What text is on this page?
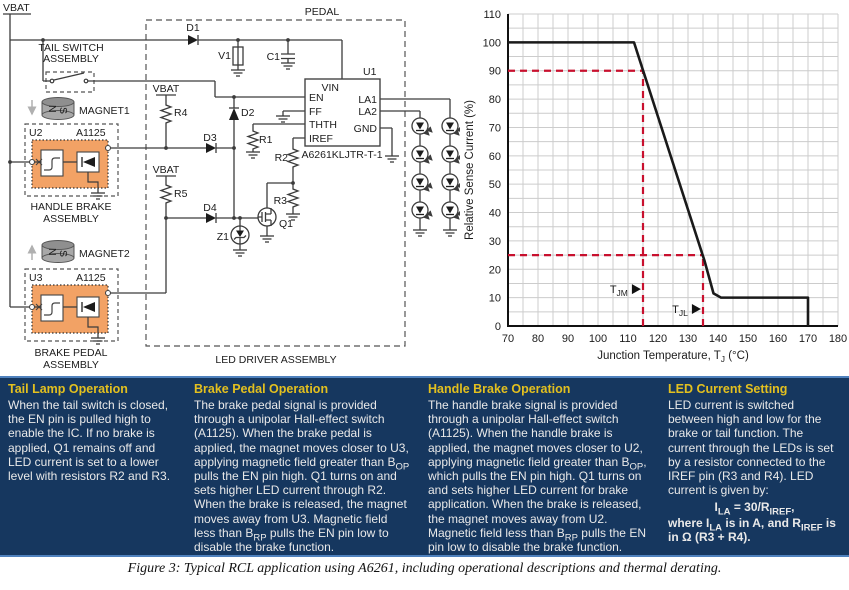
N S
N S
VBAT
TAIL SWITCH
ASSEMBLY
MAGNET1
U2	A1125
HANDLE BRAKE
ASSEMBLY
MAGNET2
U3	A1125
BRAKE PEDAL
ASSEMBLY
PEDAL
LED DRIVER ASSEMBLY
D1
V1	C1
U1
VIN
EN
FF
THTH
IREF
LA1
LA2
GND
A6261KLJTR-T-1
VBAT
R4
VBAT
R5
D2
D3
D4
R1
R2
R3
Q1
Z1
70 80 90 100 110 120 130 140 150 160 170 180
0
10
20
30
40
50
60
70
80
90
100
110
$T_{JM}$
$T_{JL}$
Junction Temperature, $T_J$ (°C)
Relative Sense Current (%)
Tail Lamp Operation
When the tail switch is closed, the EN pin is pulled high to enable the IC. If no brake is applied, Q1 remains off and LED current is set to a lower level with resistors R2 and R3.
Brake Pedal Operation
The brake pedal signal is provided through a unipolar Hall-effect switch (A1125). When the brake pedal is applied, the magnet moves closer to U3, applying magnetic field greater than $B_{OP}$ pulls the EN pin high. Q1 turns on and sets higher LED current through R2. When the brake is released, the magnet moves away from U3. Magnetic field less than $B_{RP}$ pulls the EN pin low to disable the brake function.
Handle Brake Operation
The handle brake signal is provided through a unipolar Hall-effect switch (A1125). When the handle brake is applied, the magnet moves closer to U2, applying magnetic field greater than $B_{OP}$, which pulls the EN pin high. Q1 turns on and sets higher LED current for brake application. When the brake is released, the magnet moves away from U2. Magnetic field less than $B_{RP}$ pulls the EN pin low to disable the brake function.
LED Current Setting
LED current is switched between high and low for the brake or tail function. The current through the LEDs is set by a resistor connected to the IREF pin (R3 and R4). LED current is given by:
$I_{LA} = 30/R_{IREF}$,
where $I_{LA}$ is in A, and $R_{IREF}$ is in Ω (R3 + R4).
Figure 3: Typical RCL application using A6261, including operational descriptions and thermal derating.
